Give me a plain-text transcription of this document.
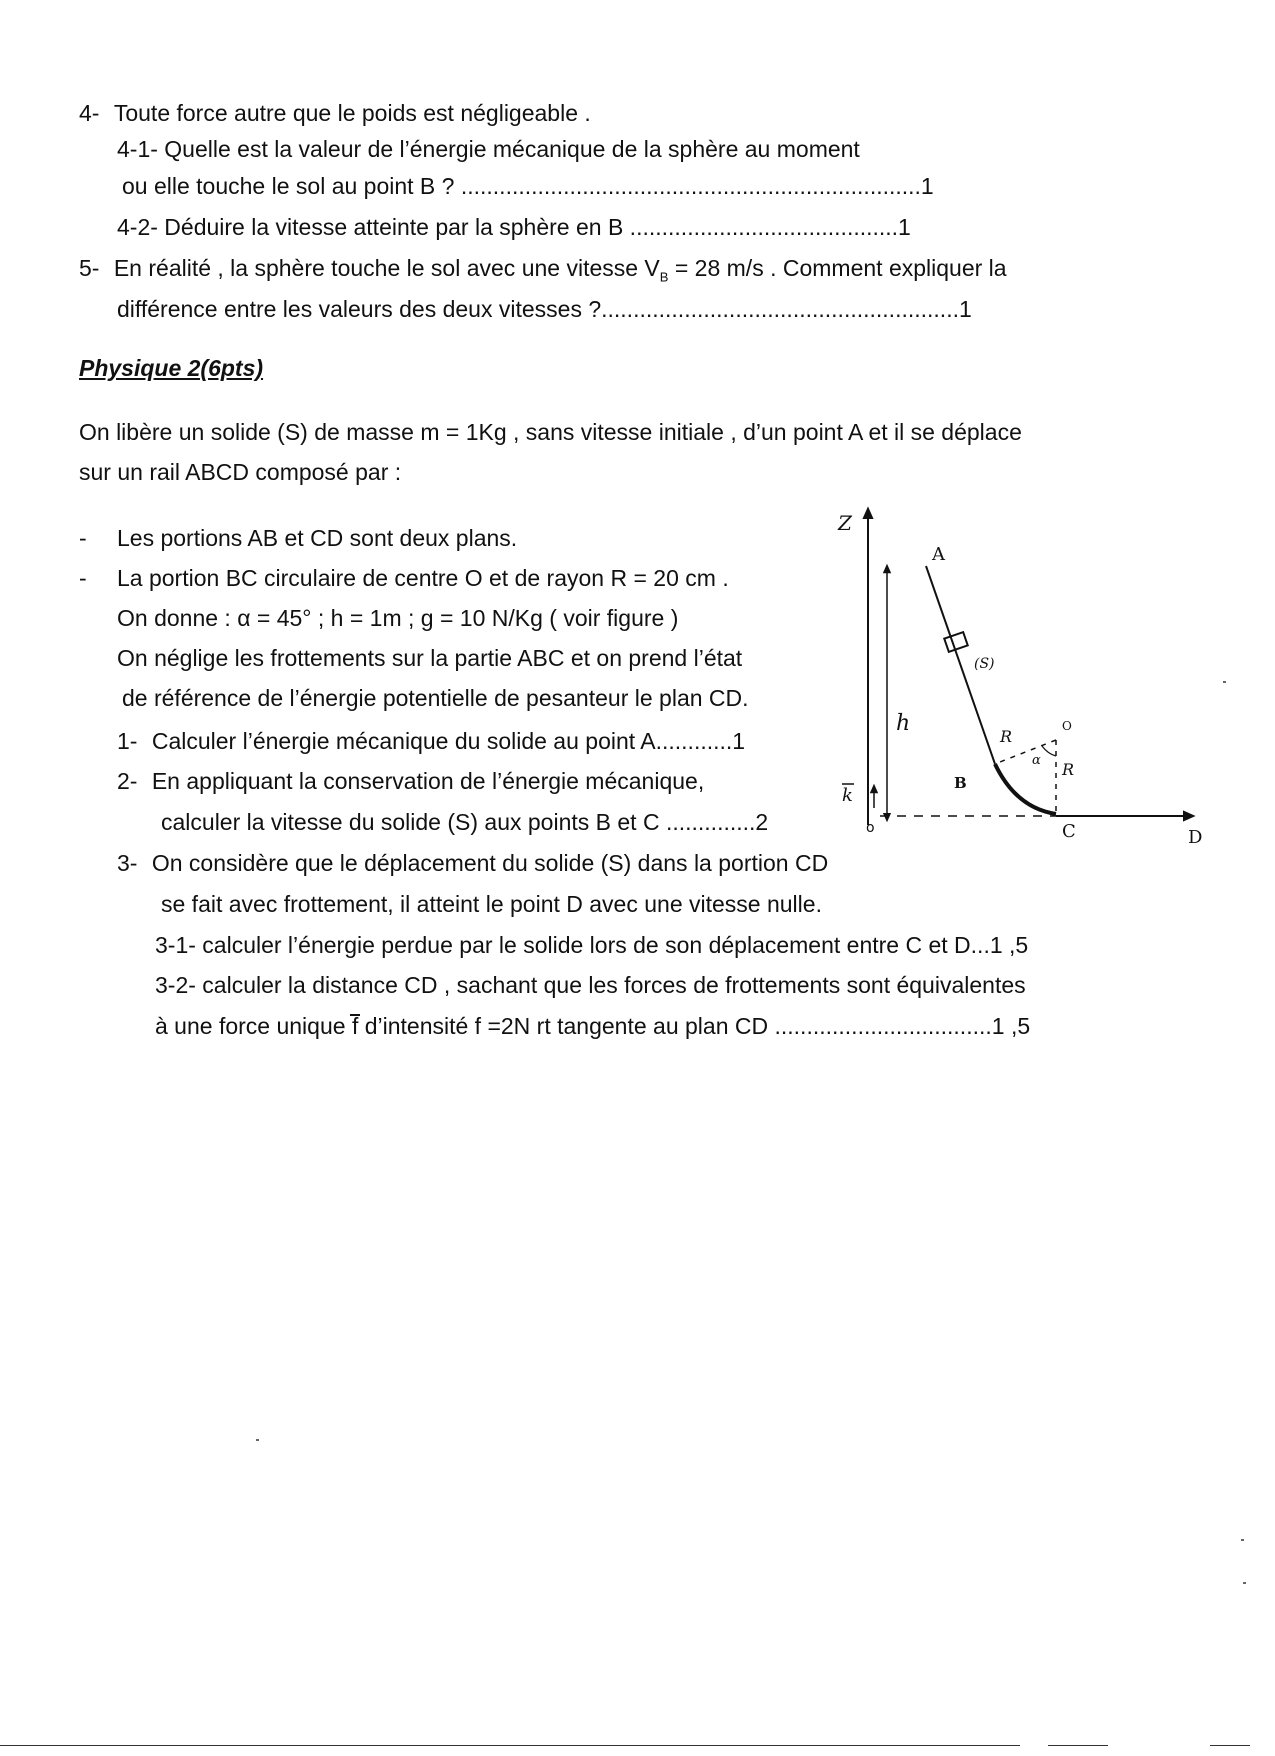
4- Toute force autre que le poids est négligeable .
4-1- Quelle est la valeur de l’énergie mécanique de la sphère au moment
ou elle touche le sol au point B ? ........................................................................1
4-2- Déduire la vitesse atteinte par la sphère en B ..........................................1
5- En réalité , la sphère touche le sol avec une vitesse $V_B = 28$ m/s . Comment expliquer la
différence entre les valeurs des deux vitesses ?........................................................1
Physique 2(6pts)
On libère un solide (S) de masse m = 1Kg , sans vitesse initiale , d’un point A et il se déplace
sur un rail ABCD composé par :
- Les portions AB et CD sont deux plans.
- La portion BC circulaire de centre O et de rayon R = 20 cm .
On donne : α = 45° ; h = 1m ; g = 10 N/Kg ( voir figure )
On néglige les frottements sur la partie ABC et on prend l’état
de référence de l’énergie potentielle de pesanteur le plan CD.
1- Calculer l’énergie mécanique du solide au point A............1
2- En appliquant la conservation de l’énergie mécanique,
calculer la vitesse du solide (S) aux points B et C ..............2
3- On considère que le déplacement du solide (S) dans la portion CD
se fait avec frottement, il atteint le point D avec une vitesse nulle.
3-1- calculer l’énergie perdue par le solide lors de son déplacement entre C et D...1 ,5
3-2- calculer la distance CD , sachant que les forces de frottements sont équivalentes
à une force unique f d’intensité f =2N rt tangente au plan CD ..................................1 ,5
Z
h
k
o	C	D
A
B
(S)
O
R
α R
